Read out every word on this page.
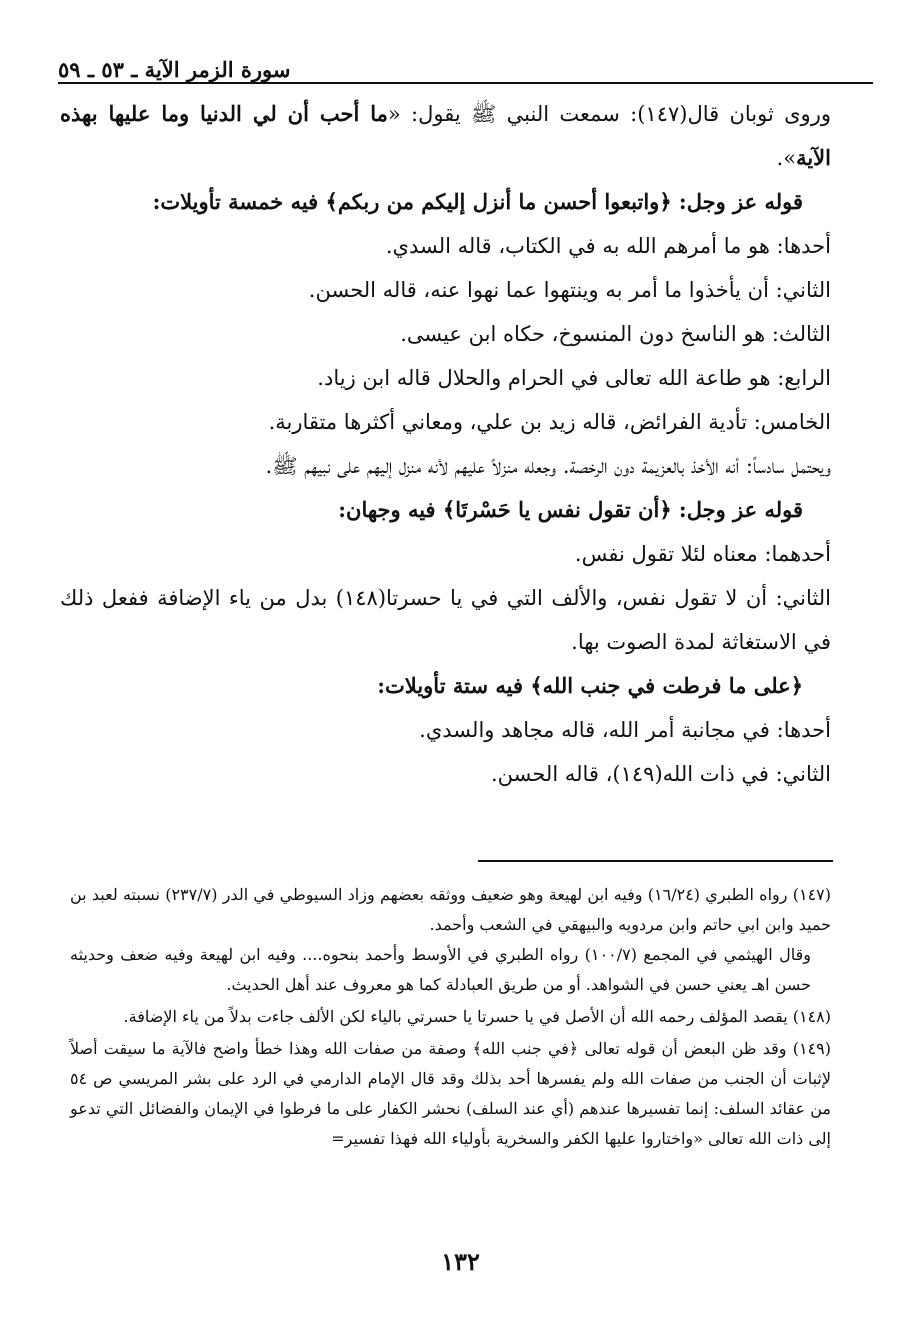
سورة الزمر الآية ـ ٥٣ ـ ٥٩

وروى ثوبان قال(١٤٧): سمعت النبي ﷺ يقول: «ما أحب أن لي الدنيا وما عليها بهذه الآية».

قوله عز وجل: ﴿واتبعوا أحسن ما أنزل إليكم من ربكم﴾ فيه خمسة تأويلات:

أحدها: هو ما أمرهم الله به في الكتاب، قاله السدي.

الثاني: أن يأخذوا ما أمر به وينتهوا عما نهوا عنه، قاله الحسن.

الثالث: هو الناسخ دون المنسوخ، حكاه ابن عيسى.

الرابع: هو طاعة الله تعالى في الحرام والحلال قاله ابن زياد.

الخامس: تأدية الفرائض، قاله زيد بن علي، ومعاني أكثرها متقاربة.

ويحتمل سادساً: أنه الأخذ بالعزيمة دون الرخصة. وجعله منزلاً عليهم لأنه منزل إليهم على نبيهم ﷺ.

قوله عز وجل: ﴿أن تقول نفس يا حَسْرتَا﴾ فيه وجهان:

أحدهما: معناه لئلا تقول نفس.

الثاني: أن لا تقول نفس، والألف التي في يا حسرتا(١٤٨) بدل من ياء الإضافة ففعل ذلك في الاستغاثة لمدة الصوت بها.

﴿على ما فرطت في جنب الله﴾ فيه ستة تأويلات:

أحدها: في مجانبة أمر الله، قاله مجاهد والسدي.

الثاني: في ذات الله(١٤٩)، قاله الحسن.

(١٤٧) رواه الطبري (١٦/٢٤) وفيه ابن لهيعة وهو ضعيف ووثقه بعضهم وزاد السيوطي في الدر (٢٣٧/٧) نسبته لعبد بن حميد وابن ابي حاتم وابن مردويه والبيهقي في الشعب وأحمد.
وقال الهيثمي في المجمع (١٠٠/٧) رواه الطبري في الأوسط وأحمد بنحوه.... وفيه ابن لهيعة وفيه ضعف وحديثه حسن اهـ يعني حسن في الشواهد. أو من طريق العبادلة كما هو معروف عند أهل الحديث.

(١٤٨) يقصد المؤلف رحمه الله أن الأصل في يا حسرتا يا حسرتي بالياء لكن الألف جاءت بدلاً من ياء الإضافة.

(١٤٩) وقد ظن البعض أن قوله تعالى ﴿في جنب الله﴾ وصفة من صفات الله وهذا خطأ واضح فالآية ما سيقت أصلاً لإثبات أن الجنب من صفات الله ولم يفسرها أحد بذلك وقد قال الإمام الدارمي في الرد على بشر المريسي ص ٥٤ من عقائد السلف: إنما تفسيرها عندهم (أي عند السلف) نحشر الكفار على ما فرطوا في الإيمان والفضائل التي تدعو إلى ذات الله تعالى «واختاروا عليها الكفر والسخرية بأولياء الله فهذا تفسير=

١٣٢
